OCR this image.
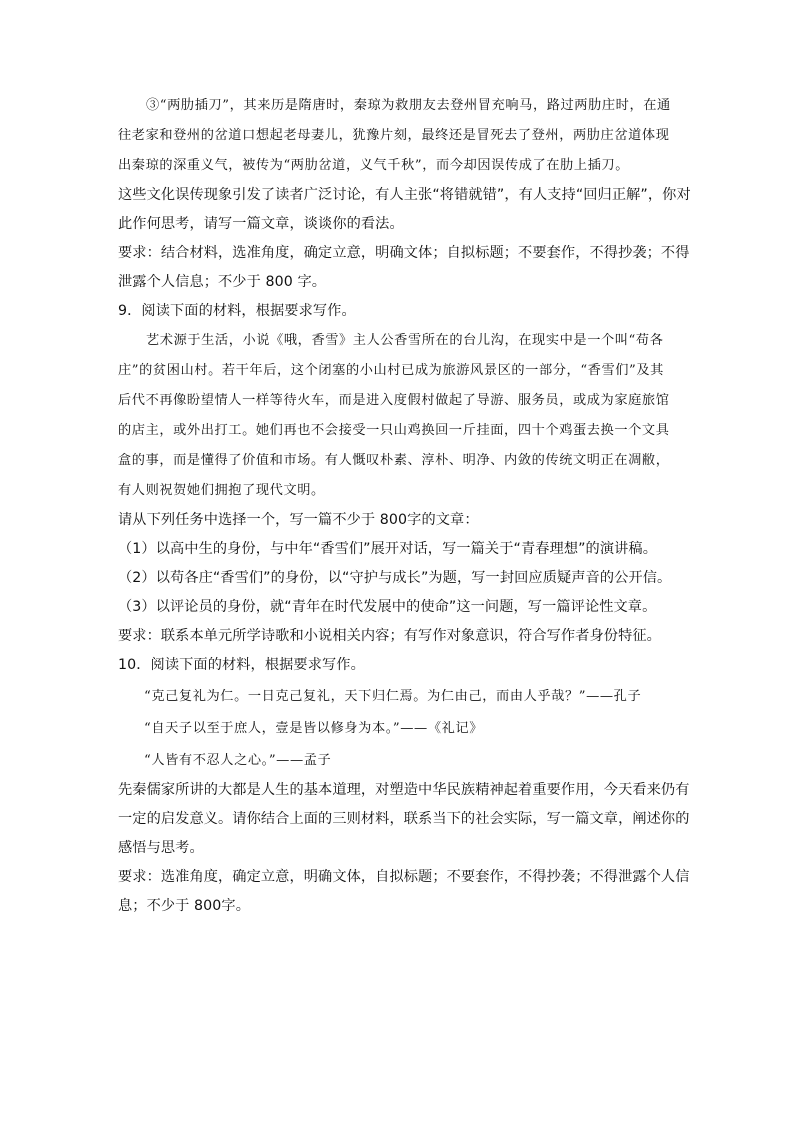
③“两肋插刀”，其来历是隋唐时，秦琼为救朋友去登州冒充响马，路过两肋庄时，在通
往老家和登州的岔道口想起老母妻儿，犹豫片刻，最终还是冒死去了登州，两肋庄岔道体现
出秦琼的深重义气，被传为“两肋岔道，义气千秋”，而今却因误传成了在肋上插刀。
这些文化误传现象引发了读者广泛讨论，有人主张“将错就错”，有人支持“回归正解”，你对
此作何思考，请写一篇文章，谈谈你的看法。
要求：结合材料，选准角度，确定立意，明确文体；自拟标题；不要套作，不得抄袭；不得
泄露个人信息；不少于 800 字。
9．阅读下面的材料，根据要求写作。
艺术源于生活，小说《哦，香雪》主人公香雪所在的台儿沟，在现实中是一个叫“苟各
庄”的贫困山村。若干年后，这个闭塞的小山村已成为旅游风景区的一部分，“香雪们”及其
后代不再像盼望情人一样等待火车，而是进入度假村做起了导游、服务员，或成为家庭旅馆
的店主，或外出打工。她们再也不会接受一只山鸡换回一斤挂面，四十个鸡蛋去换一个文具
盒的事，而是懂得了价值和市场。有人慨叹朴素、淳朴、明净、内敛的传统文明正在凋敝，
有人则祝贺她们拥抱了现代文明。
请从下列任务中选择一个，写一篇不少于 800字的文章：
（1）以高中生的身份，与中年“香雪们”展开对话，写一篇关于“青春理想”的演讲稿。
（2）以苟各庄“香雪们”的身份，以“守护与成长”为题，写一封回应质疑声音的公开信。
（3）以评论员的身份，就“青年在时代发展中的使命”这一问题，写一篇评论性文章。
要求：联系本单元所学诗歌和小说相关内容；有写作对象意识，符合写作者身份特征。
10．阅读下面的材料，根据要求写作。
“克己复礼为仁。一日克己复礼，天下归仁焉。为仁由己，而由人乎哉？”——孔子
“自天子以至于庶人，壹是皆以修身为本。”——《礼记》
“人皆有不忍人之心。”——孟子
先秦儒家所讲的大都是人生的基本道理，对塑造中华民族精神起着重要作用，今天看来仍有
一定的启发意义。请你结合上面的三则材料，联系当下的社会实际，写一篇文章，阐述你的
感悟与思考。
要求：选准角度，确定立意，明确文体，自拟标题；不要套作，不得抄袭；不得泄露个人信
息；不少于 800字。
